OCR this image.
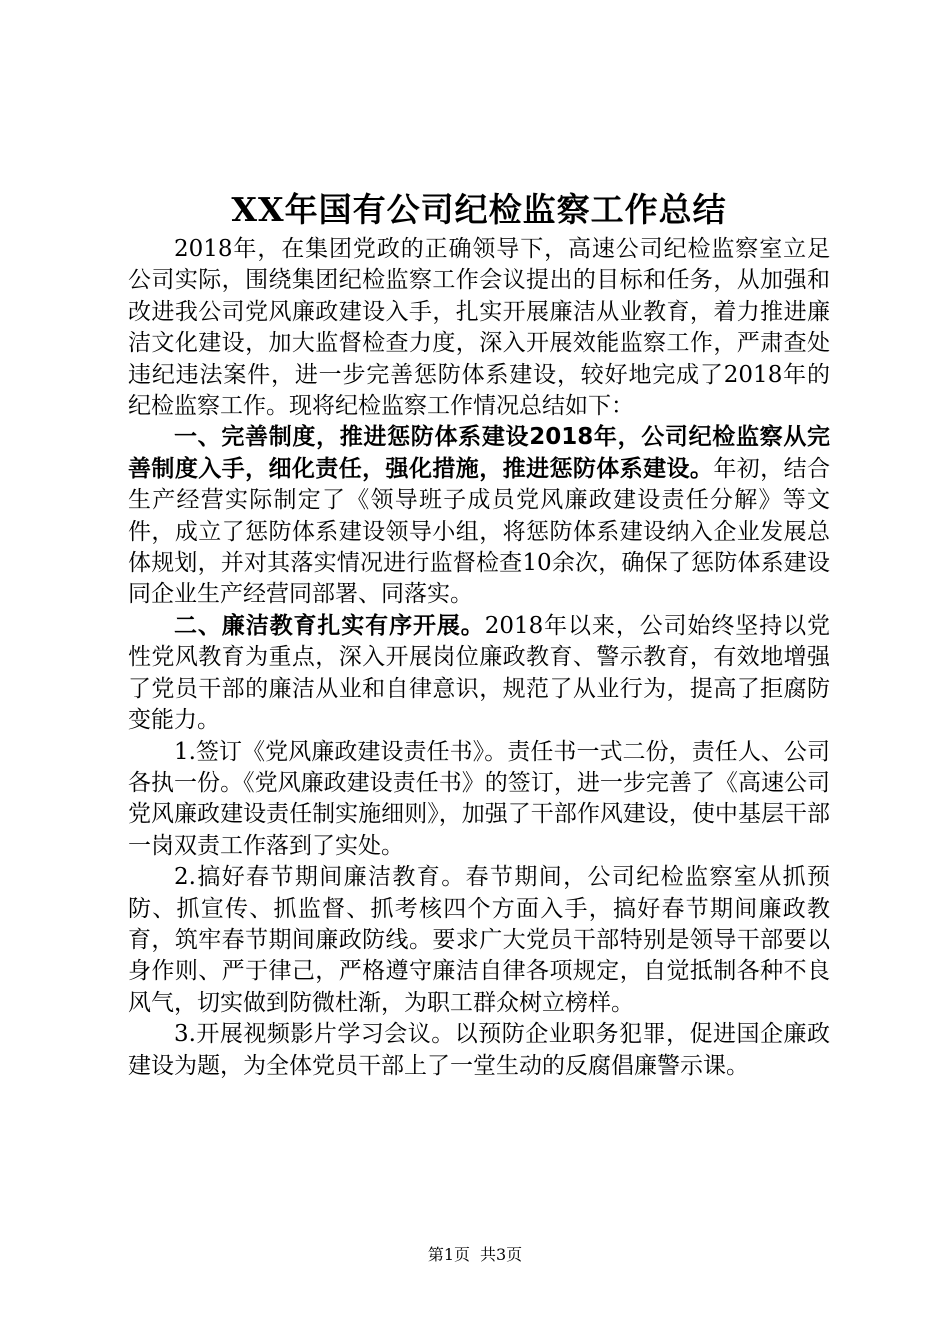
XX年国有公司纪检监察工作总结

2018年，在集团党政的正确领导下，高速公司纪检监察室立足公司实际，围绕集团纪检监察工作会议提出的目标和任务，从加强和改进我公司党风廉政建设入手，扎实开展廉洁从业教育，着力推进廉洁文化建设，加大监督检查力度，深入开展效能监察工作，严肃查处违纪违法案件，进一步完善惩防体系建设，较好地完成了2018年的纪检监察工作。现将纪检监察工作情况总结如下：

一、完善制度，推进惩防体系建设2018年，公司纪检监察从完善制度入手，细化责任，强化措施，推进惩防体系建设。年初，结合生产经营实际制定了《领导班子成员党风廉政建设责任分解》等文件，成立了惩防体系建设领导小组，将惩防体系建设纳入企业发展总体规划，并对其落实情况进行监督检查10余次，确保了惩防体系建设同企业生产经营同部署、同落实。

二、廉洁教育扎实有序开展。2018年以来，公司始终坚持以党性党风教育为重点，深入开展岗位廉政教育、警示教育，有效地增强了党员干部的廉洁从业和自律意识，规范了从业行为，提高了拒腐防变能力。

1.签订《党风廉政建设责任书》。责任书一式二份，责任人、公司各执一份。《党风廉政建设责任书》的签订，进一步完善了《高速公司党风廉政建设责任制实施细则》，加强了干部作风建设，使中基层干部一岗双责工作落到了实处。

2.搞好春节期间廉洁教育。春节期间，公司纪检监察室从抓预防、抓宣传、抓监督、抓考核四个方面入手，搞好春节期间廉政教育，筑牢春节期间廉政防线。要求广大党员干部特别是领导干部要以身作则、严于律己，严格遵守廉洁自律各项规定，自觉抵制各种不良风气，切实做到防微杜渐，为职工群众树立榜样。

3.开展视频影片学习会议。以预防企业职务犯罪，促进国企廉政建设为题，为全体党员干部上了一堂生动的反腐倡廉警示课。

第1页 共3页
